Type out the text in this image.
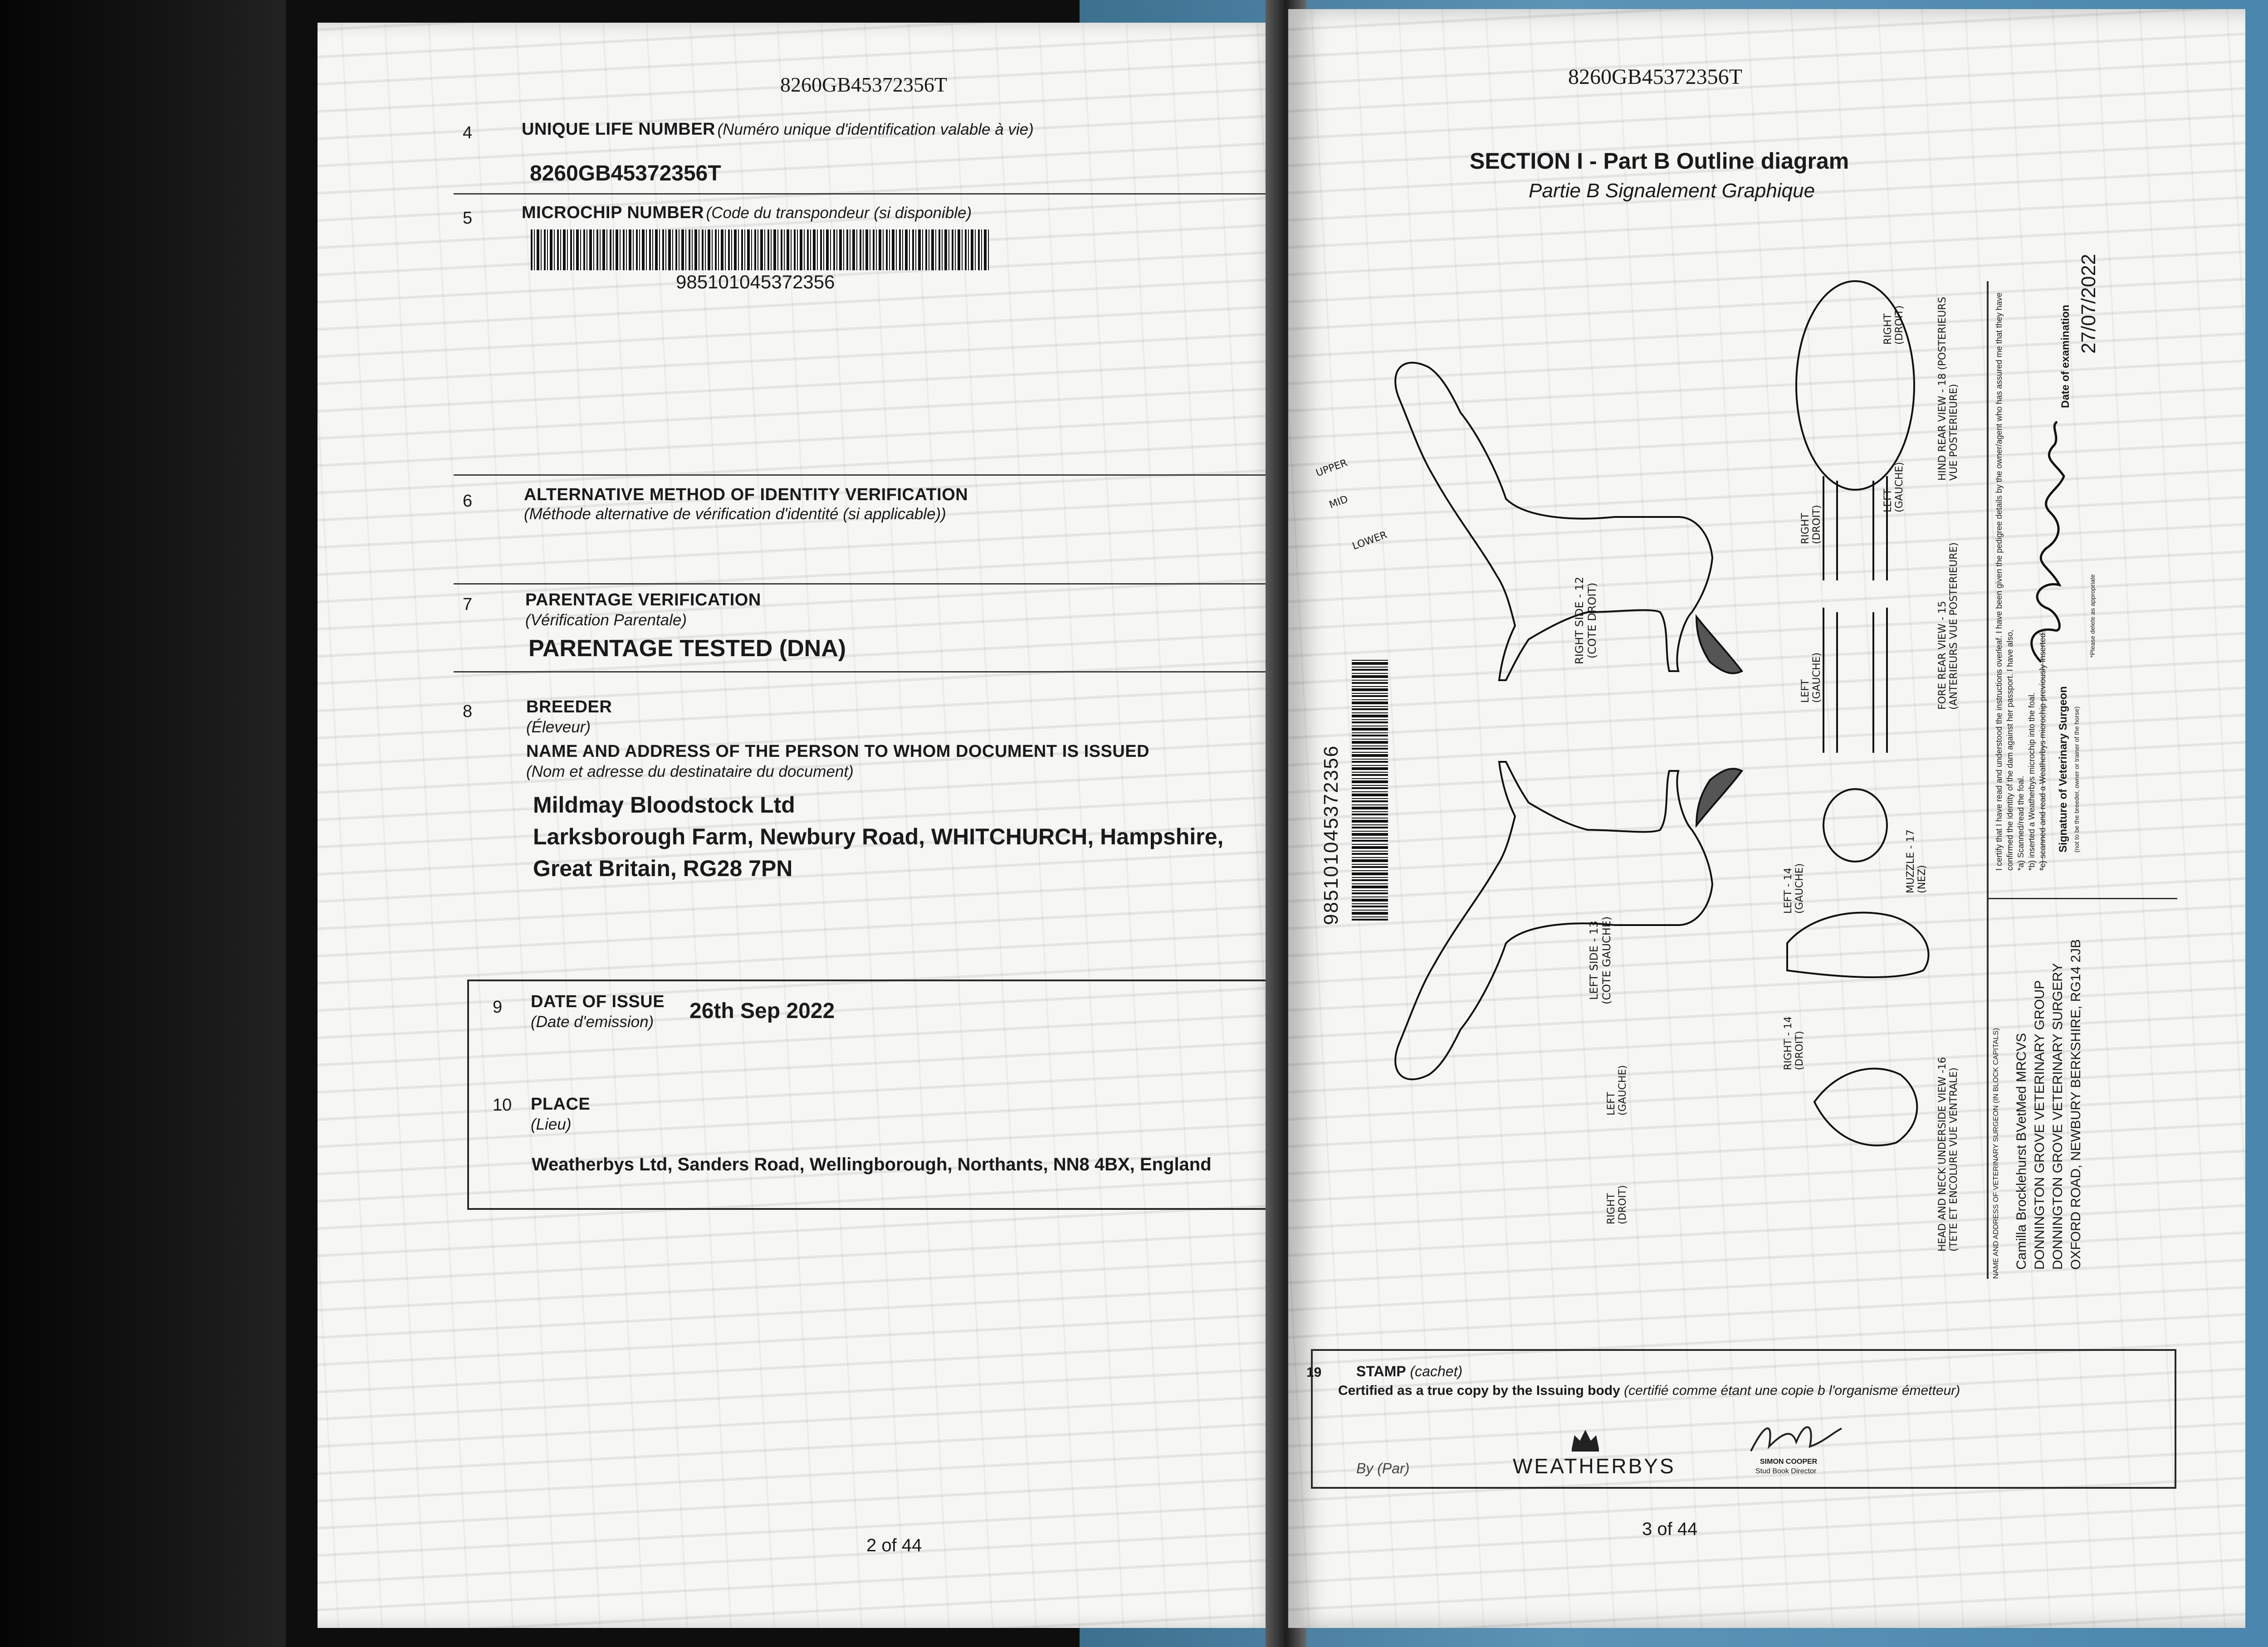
8260GB45372356T
4	UNIQUE LIFE NUMBER (Numéro unique d'identification valable à vie)
8260GB45372356T
5	MICROCHIP NUMBER (Code du transpondeur (si disponible)
985101045372356
6	ALTERNATIVE METHOD OF IDENTITY VERIFICATION
(Méthode alternative de vérification d'identité (si applicable))
7	PARENTAGE VERIFICATION
(Vérification Parentale)
PARENTAGE TESTED (DNA)
8	BREEDER
(Éleveur)
NAME AND ADDRESS OF THE PERSON TO WHOM DOCUMENT IS ISSUED
(Nom et adresse du destinataire du document)
Mildmay Bloodstock Ltd
Larksborough Farm, Newbury Road, WHITCHURCH, Hampshire,
Great Britain, RG28 7PN
9 DATE OF ISSUE
(Date d'emission) 26th Sep 2022
10 PLACE
(Lieu)
Weatherbys Ltd, Sanders Road, Wellingborough, Northants, NN8 4BX, England
2 of 44
8260GB45372356T
SECTION I - Part B Outline diagram
Partie B Signalement Graphique
RIGHT SIDE - 12
(COTE DROIT)
LEFT SIDE - 13
(COTE GAUCHE)
LEFT - 14
(GAUCHE)
RIGHT - 14
(DROIT)
FORE REAR VIEW - 15
(ANTERIEURS VUE POSTERIEURE)
HIND REAR VIEW - 18 (POSTERIEURS
VUE POSTERIEURE)
HEAD AND NECK UNDERSIDE VIEW -16
(TETE ET ENCOLURE VUE VENTRALE)
MUZZLE - 17
(NEZ)
LEFT
(GAUCHE)
RIGHT
(DROIT)
LEFT
(GAUCHE)
RIGHT
(DROIT)
LEFT
(GAUCHE)
RIGHT
(DROIT)
UPPER
MID
LOWER
985101045372356	I certify that I have read and understood the instructions overleaf. I have been given the pedigree details by the owner/agent who has assured me that they have confirmed the identity of the dam against her passport. I have also, *a) Scanned/read the foal. *b) inserted a Weatherbys microchip into the foal. *c) scanned and read a Weatherbys microchip previously inserted. Signature of Veterinary Surgeon (not to be the breeder, owner or trainer of the horse)
*Please delete as appropriate
Date of examination
27/07/2022
NAME AND ADDRESS OF VETERINARY SURGEON (IN BLOCK CAPITALS) Camilla Brocklehurst BVetMed MRCVS DONNINGTON GROVE VETERINARY GROUP DONNINGTON GROVE VETERINARY SURGERY OXFORD ROAD, NEWBURY BERKSHIRE, RG14 2JB
19 STAMP (cachet)
Certified as a true copy by the Issuing body (certifié comme étant une copie b l'organisme émetteur)
By (Par)	WEATHERBYS	SIMON COOPER
Stud Book Director
3 of 44
